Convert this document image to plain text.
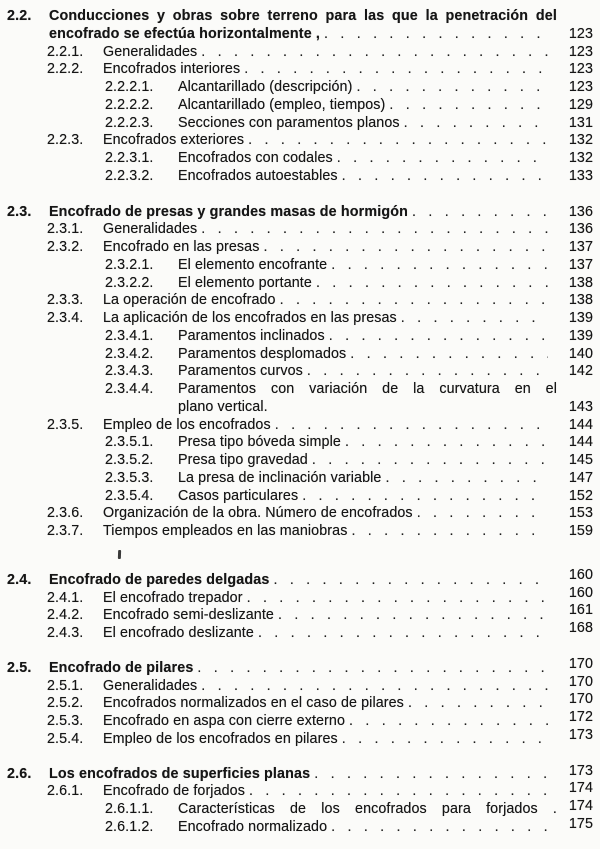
2.2.	Conducciones y obras sobre terreno para las que la penetración del
encofrado se efectúa horizontalmente , . . .	123
2.2.1.	Generalidades . . .	123
2.2.2.	Encofrados interiores . . .	123
2.2.2.1.	Alcantarillado (descripción) . . .	123
2.2.2.2.	Alcantarillado (empleo, tiempos) . . .	129
2.2.2.3.	Secciones con paramentos planos . . .	131
2.2.3.	Encofrados exteriores . . .	132
2.2.3.1.	Encofrados con codales . . .	132
2.2.3.2.	Encofrados autoestables . . .	133
2.3.	Encofrado de presas y grandes masas de hormigón . . .	136
2.3.1.	Generalidades . . .	136
2.3.2.	Encofrado en las presas . . .	137
2.3.2.1.	El elemento encofrante . . .	137
2.3.2.2.	El elemento portante . . .	138
2.3.3.	La operación de encofrado . . .	138
2.3.4.	La aplicación de los encofrados en las presas . . .	139
2.3.4.1.	Paramentos inclinados . . .	139
2.3.4.2.	Paramentos desplomados . . .	140
2.3.4.3.	Paramentos curvos . . .	142
2.3.4.4.	Paramentos con variación de la curvatura en el
plano vertical.	143
2.3.5.	Empleo de los encofrados . . .	144
2.3.5.1.	Presa tipo bóveda simple . . .	144
2.3.5.2.	Presa tipo gravedad . . .	145
2.3.5.3.	La presa de inclinación variable . . .	147
2.3.5.4.	Casos particulares . . .	152
2.3.6.	Organización de la obra. Número de encofrados . . .	153
2.3.7.	Tiempos empleados en las maniobras . . .	159
2.4.	Encofrado de paredes delgadas . . .	160
2.4.1.	El encofrado trepador . . .	160
2.4.2.	Encofrado semi-deslizante . . .	161
2.4.3.	El encofrado deslizante . . .	168
2.5.	Encofrado de pilares . . .	170
2.5.1.	Generalidades . . .	170
2.5.2.	Encofrados normalizados en el caso de pilares . . .	170
2.5.3.	Encofrado en aspa con cierre externo . . .	172
2.5.4.	Empleo de los encofrados en pilares . . .	173
2.6.	Los encofrados de superficies planas . . .	173
2.6.1.	Encofrado de forjados . . .	174
2.6.1.1.	Características de los encofrados para forjados . 174
2.6.1.2.	Encofrado normalizado . . .	175
